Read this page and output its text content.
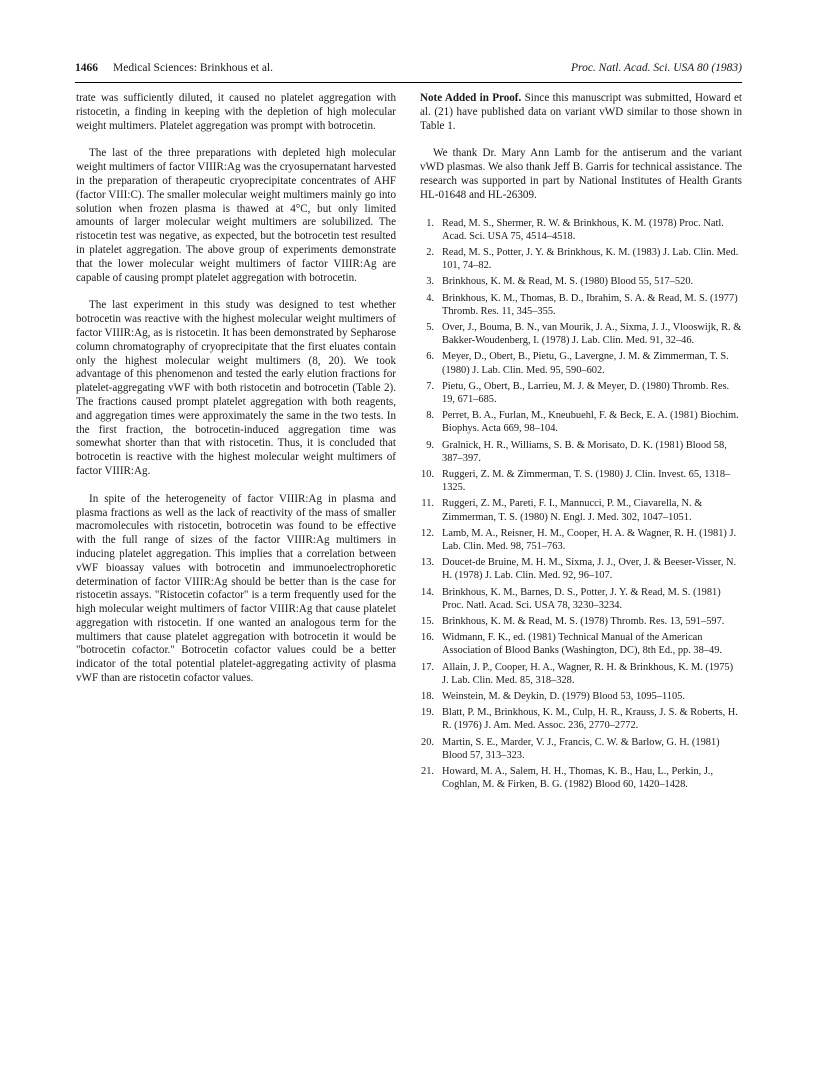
1466 Medical Sciences: Brinkhous et al.	Proc. Natl. Acad. Sci. USA 80 (1983)

trate was sufficiently diluted, it caused no platelet aggregation with ristocetin, a finding in keeping with the depletion of high molecular weight multimers. Platelet aggregation was prompt with botrocetin.

The last of the three preparations with depleted high molecular weight multimers of factor VIIIR:Ag was the cryosupernatant harvested in the preparation of therapeutic cryoprecipitate concentrates of AHF (factor VIII:C). The smaller molecular weight multimers mainly go into solution when frozen plasma is thawed at 4°C, but only limited amounts of larger molecular weight multimers are solubilized. The ristocetin test was negative, as expected, but the botrocetin test resulted in platelet aggregation. The above group of experiments demonstrate that the lower molecular weight multimers of factor VIIIR:Ag are capable of causing prompt platelet aggregation with botrocetin.

The last experiment in this study was designed to test whether botrocetin was reactive with the highest molecular weight multimers of factor VIIIR:Ag, as is ristocetin. It has been demonstrated by Sepharose column chromatography of cryoprecipitate that the first eluates contain only the highest molecular weight multimers (8, 20). We took advantage of this phenomenon and tested the early elution fractions for platelet-aggregating vWF with both ristocetin and botrocetin (Table 2). The fractions caused prompt platelet aggregation with both reagents, and aggregation times were approximately the same in the two tests. In the first fraction, the botrocetin-induced aggregation time was somewhat shorter than that with ristocetin. Thus, it is concluded that botrocetin is reactive with the highest molecular weight multimers of factor VIIIR:Ag.

In spite of the heterogeneity of factor VIIIR:Ag in plasma and plasma fractions as well as the lack of reactivity of the mass of smaller macromolecules with ristocetin, botrocetin was found to be effective with the full range of sizes of the factor VIIIR:Ag multimers in inducing platelet aggregation. This implies that a correlation between vWF bioassay values with botrocetin and immunoelectrophoretic determination of factor VIIIR:Ag should be better than is the case for ristocetin assays. "Ristocetin cofactor" is a term frequently used for the high molecular weight multimers of factor VIIIR:Ag that cause platelet aggregation with ristocetin. If one wanted an analogous term for the multimers that cause platelet aggregation with botrocetin it would be "botrocetin cofactor." Botrocetin cofactor values could be a better indicator of the total potential platelet-aggregating activity of plasma vWF than are ristocetin cofactor values.

Note Added in Proof. Since this manuscript was submitted, Howard et al. (21) have published data on variant vWD similar to those shown in Table 1.

We thank Dr. Mary Ann Lamb for the antiserum and the variant vWD plasmas. We also thank Jeff B. Garris for technical assistance. The research was supported in part by National Institutes of Health Grants HL-01648 and HL-26309.

1. Read, M. S., Shermer, R. W. & Brinkhous, K. M. (1978) Proc. Natl. Acad. Sci. USA 75, 4514–4518.
2. Read, M. S., Potter, J. Y. & Brinkhous, K. M. (1983) J. Lab. Clin. Med. 101, 74–82.
3. Brinkhous, K. M. & Read, M. S. (1980) Blood 55, 517–520.
4. Brinkhous, K. M., Thomas, B. D., Ibrahim, S. A. & Read, M. S. (1977) Thromb. Res. 11, 345–355.
5. Over, J., Bouma, B. N., van Mourik, J. A., Sixma, J. J., Vlooswijk, R. & Bakker-Woudenberg, I. (1978) J. Lab. Clin. Med. 91, 32–46.
6. Meyer, D., Obert, B., Pietu, G., Lavergne, J. M. & Zimmerman, T. S. (1980) J. Lab. Clin. Med. 95, 590–602.
7. Pietu, G., Obert, B., Larrieu, M. J. & Meyer, D. (1980) Thromb. Res. 19, 671–685.
8. Perret, B. A., Furlan, M., Kneubuehl, F. & Beck, E. A. (1981) Biochim. Biophys. Acta 669, 98–104.
9. Gralnick, H. R., Williams, S. B. & Morisato, D. K. (1981) Blood 58, 387–397.
10. Ruggeri, Z. M. & Zimmerman, T. S. (1980) J. Clin. Invest. 65, 1318–1325.
11. Ruggeri, Z. M., Pareti, F. I., Mannucci, P. M., Ciavarella, N. & Zimmerman, T. S. (1980) N. Engl. J. Med. 302, 1047–1051.
12. Lamb, M. A., Reisner, H. M., Cooper, H. A. & Wagner, R. H. (1981) J. Lab. Clin. Med. 98, 751–763.
13. Doucet-de Bruine, M. H. M., Sixma, J. J., Over, J. & Beeser-Visser, N. H. (1978) J. Lab. Clin. Med. 92, 96–107.
14. Brinkhous, K. M., Barnes, D. S., Potter, J. Y. & Read, M. S. (1981) Proc. Natl. Acad. Sci. USA 78, 3230–3234.
15. Brinkhous, K. M. & Read, M. S. (1978) Thromb. Res. 13, 591–597.
16. Widmann, F. K., ed. (1981) Technical Manual of the American Association of Blood Banks (Washington, DC), 8th Ed., pp. 38–49.
17. Allain, J. P., Cooper, H. A., Wagner, R. H. & Brinkhous, K. M. (1975) J. Lab. Clin. Med. 85, 318–328.
18. Weinstein, M. & Deykin, D. (1979) Blood 53, 1095–1105.
19. Blatt, P. M., Brinkhous, K. M., Culp, H. R., Krauss, J. S. & Roberts, H. R. (1976) J. Am. Med. Assoc. 236, 2770–2772.
20. Martin, S. E., Marder, V. J., Francis, C. W. & Barlow, G. H. (1981) Blood 57, 313–323.
21. Howard, M. A., Salem, H. H., Thomas, K. B., Hau, L., Perkin, J., Coghlan, M. & Firken, B. G. (1982) Blood 60, 1420–1428.
